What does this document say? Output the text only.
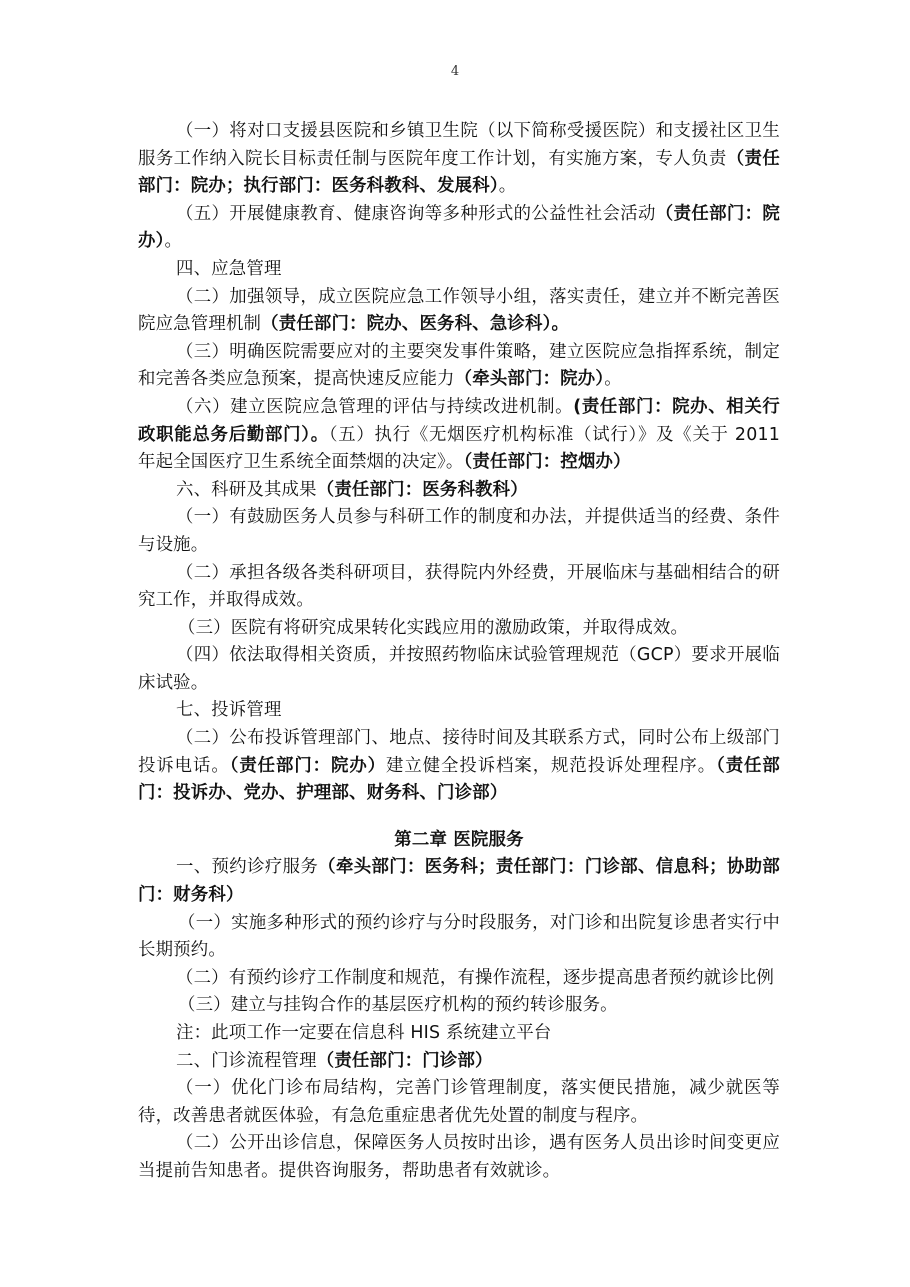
4

（一）将对口支援县医院和乡镇卫生院（以下简称受援医院）和支援社区卫生服务工作纳入院长目标责任制与医院年度工作计划，有实施方案，专人负责（责任部门：院办；执行部门：医务科教科、发展科）。

（五）开展健康教育、健康咨询等多种形式的公益性社会活动（责任部门：院办）。

四、应急管理

（二）加强领导，成立医院应急工作领导小组，落实责任，建立并不断完善医院应急管理机制（责任部门：院办、医务科、急诊科）。

（三）明确医院需要应对的主要突发事件策略，建立医院应急指挥系统，制定和完善各类应急预案，提高快速反应能力（牵头部门：院办）。

（六）建立医院应急管理的评估与持续改进机制。(责任部门：院办、相关行政职能总务后勤部门）。（五）执行《无烟医疗机构标准（试行）》及《关于 2011 年起全国医疗卫生系统全面禁烟的决定》。（责任部门：控烟办）

六、科研及其成果（责任部门：医务科教科）

（一）有鼓励医务人员参与科研工作的制度和办法，并提供适当的经费、条件与设施。

（二）承担各级各类科研项目，获得院内外经费，开展临床与基础相结合的研究工作，并取得成效。

（三）医院有将研究成果转化实践应用的激励政策，并取得成效。

（四）依法取得相关资质，并按照药物临床试验管理规范（GCP）要求开展临床试验。

七、投诉管理

（二）公布投诉管理部门、地点、接待时间及其联系方式，同时公布上级部门投诉电话。（责任部门：院办）建立健全投诉档案，规范投诉处理程序。（责任部门：投诉办、党办、护理部、财务科、门诊部）

第二章 医院服务

一、预约诊疗服务（牵头部门：医务科；责任部门：门诊部、信息科；协助部门：财务科）

（一）实施多种形式的预约诊疗与分时段服务，对门诊和出院复诊患者实行中长期预约。

（二）有预约诊疗工作制度和规范，有操作流程，逐步提高患者预约就诊比例

（三）建立与挂钩合作的基层医疗机构的预约转诊服务。

注：此项工作一定要在信息科 HIS 系统建立平台

二、门诊流程管理（责任部门：门诊部）

（一）优化门诊布局结构，完善门诊管理制度，落实便民措施，减少就医等待，改善患者就医体验，有急危重症患者优先处置的制度与程序。

（二）公开出诊信息，保障医务人员按时出诊，遇有医务人员出诊时间变更应当提前告知患者。提供咨询服务，帮助患者有效就诊。
